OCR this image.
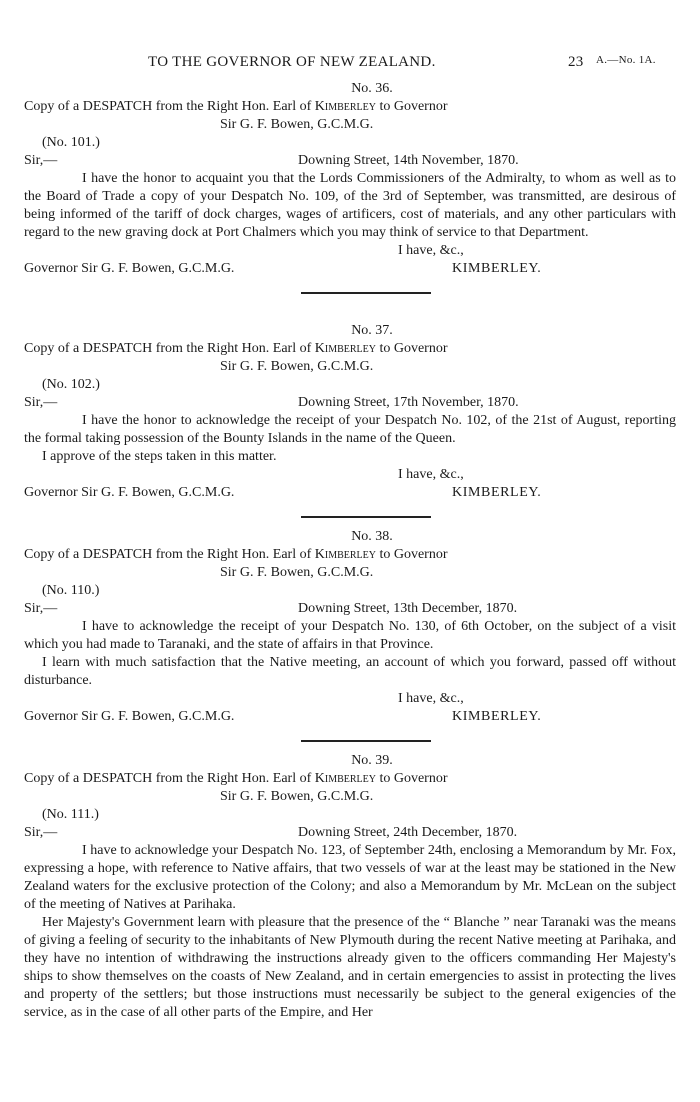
TO THE GOVERNOR OF NEW ZEALAND.	23 A.—No. 1A.
No. 36.
Copy of a DESPATCH from the Right Hon. Earl of Kimberley to Governor
Sir G. F. Bowen, G.C.M.G.
(No. 101.)
Sir,—	Downing Street, 14th November, 1870.

I have the honor to acquaint you that the Lords Commissioners of the Admiralty, to whom as well as to the Board of Trade a copy of your Despatch No. 109, of the 3rd of September, was transmitted, are desirous of being informed of the tariff of dock charges, wages of artificers, cost of materials, and any other particulars with regard to the new graving dock at Port Chalmers which you may think of service to that Department.

I have, &c.,
Governor Sir G. F. Bowen, G.C.M.G.	KIMBERLEY.
No. 37.
Copy of a DESPATCH from the Right Hon. Earl of Kimberley to Governor
Sir G. F. Bowen, G.C.M.G.
(No. 102.)
Sir,—	Downing Street, 17th November, 1870.

I have the honor to acknowledge the receipt of your Despatch No. 102, of the 21st of August, reporting the formal taking possession of the Bounty Islands in the name of the Queen.

I approve of the steps taken in this matter.

I have, &c.,
Governor Sir G. F. Bowen, G.C.M.G.	KIMBERLEY.
No. 38.
Copy of a DESPATCH from the Right Hon. Earl of Kimberley to Governor
Sir G. F. Bowen, G.C.M.G.
(No. 110.)
Sir,—	Downing Street, 13th December, 1870.

I have to acknowledge the receipt of your Despatch No. 130, of 6th October, on the subject of a visit which you had made to Taranaki, and the state of affairs in that Province.

I learn with much satisfaction that the Native meeting, an account of which you forward, passed off without disturbance.

I have, &c.,
Governor Sir G. F. Bowen, G.C.M.G.	KIMBERLEY.
No. 39.
Copy of a DESPATCH from the Right Hon. Earl of Kimberley to Governor
Sir G. F. Bowen, G.C.M.G.
(No. 111.)
Sir,—	Downing Street, 24th December, 1870.

I have to acknowledge your Despatch No. 123, of September 24th, enclosing a Memorandum by Mr. Fox, expressing a hope, with reference to Native affairs, that two vessels of war at the least may be stationed in the New Zealand waters for the exclusive protection of the Colony; and also a Memorandum by Mr. McLean on the subject of the meeting of Natives at Parihaka.

Her Majesty's Government learn with pleasure that the presence of the “ Blanche ” near Taranaki was the means of giving a feeling of security to the inhabitants of New Plymouth during the recent Native meeting at Parihaka, and they have no intention of withdrawing the instructions already given to the officers commanding Her Majesty's ships to show themselves on the coasts of New Zealand, and in certain emergencies to assist in protecting the lives and property of the settlers; but those instructions must necessarily be subject to the general exigencies of the service, as in the case of all other parts of the Empire, and Her
